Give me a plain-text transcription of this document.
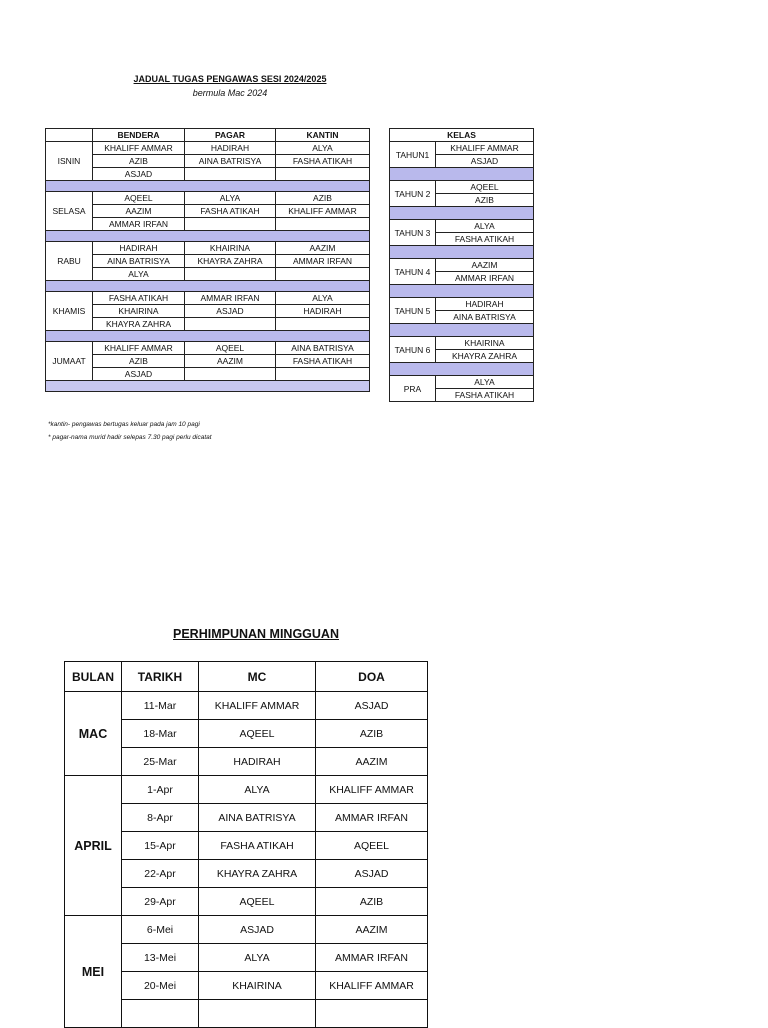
JADUAL TUGAS PENGAWAS SESI 2024/2025
bermula Mac 2024
	BENDERA	PAGAR	KANTIN
ISNIN	KHALIFF AMMAR	HADIRAH	ALYA
	AZIB	AINA BATRISYA	FASHA ATIKAH
	ASJAD		

SELASA	AQEEL	ALYA	AZIB
	AAZIM	FASHA ATIKAH	KHALIFF AMMAR
	AMMAR IRFAN		

RABU	HADIRAH	KHAIRINA	AAZIM
	AINA BATRISYA	KHAYRA ZAHRA	AMMAR IRFAN
	ALYA		

KHAMIS	FASHA ATIKAH	AMMAR IRFAN	ALYA
	KHAIRINA	ASJAD	HADIRAH
	KHAYRA ZAHRA		

JUMAAT	KHALIFF AMMAR	AQEEL	AINA BATRISYA
	AZIB	AAZIM	FASHA ATIKAH
	ASJAD		

KELAS	
TAHUN1	KHALIFF AMMAR
	ASJAD

TAHUN 2	AQEEL
	AZIB

TAHUN 3	ALYA
	FASHA ATIKAH

TAHUN 4	AAZIM
	AMMAR IRFAN

TAHUN 5	HADIRAH
	AINA BATRISYA

TAHUN 6	KHAIRINA
	KHAYRA ZAHRA

PRA	ALYA
	FASHA ATIKAH
*kantin- pengawas bertugas keluar pada jam 10 pagi
* pagar-nama murid hadir selepas 7.30 pagi perlu dicatat
PERHIMPUNAN MINGGUAN
BULAN	TARIKH	MC	DOA
MAC	11-Mar	KHALIFF AMMAR	ASJAD
	18-Mar	AQEEL	AZIB
	25-Mar	HADIRAH	AAZIM
APRIL	1-Apr	ALYA	KHALIFF AMMAR
	8-Apr	AINA BATRISYA	AMMAR IRFAN
	15-Apr	FASHA ATIKAH	AQEEL
	22-Apr	KHAYRA ZAHRA	ASJAD
	29-Apr	AQEEL	AZIB
MEI	6-Mei	ASJAD	AAZIM
	13-Mei	ALYA	AMMAR IRFAN
	20-Mei	KHAIRINA	KHALIFF AMMAR
